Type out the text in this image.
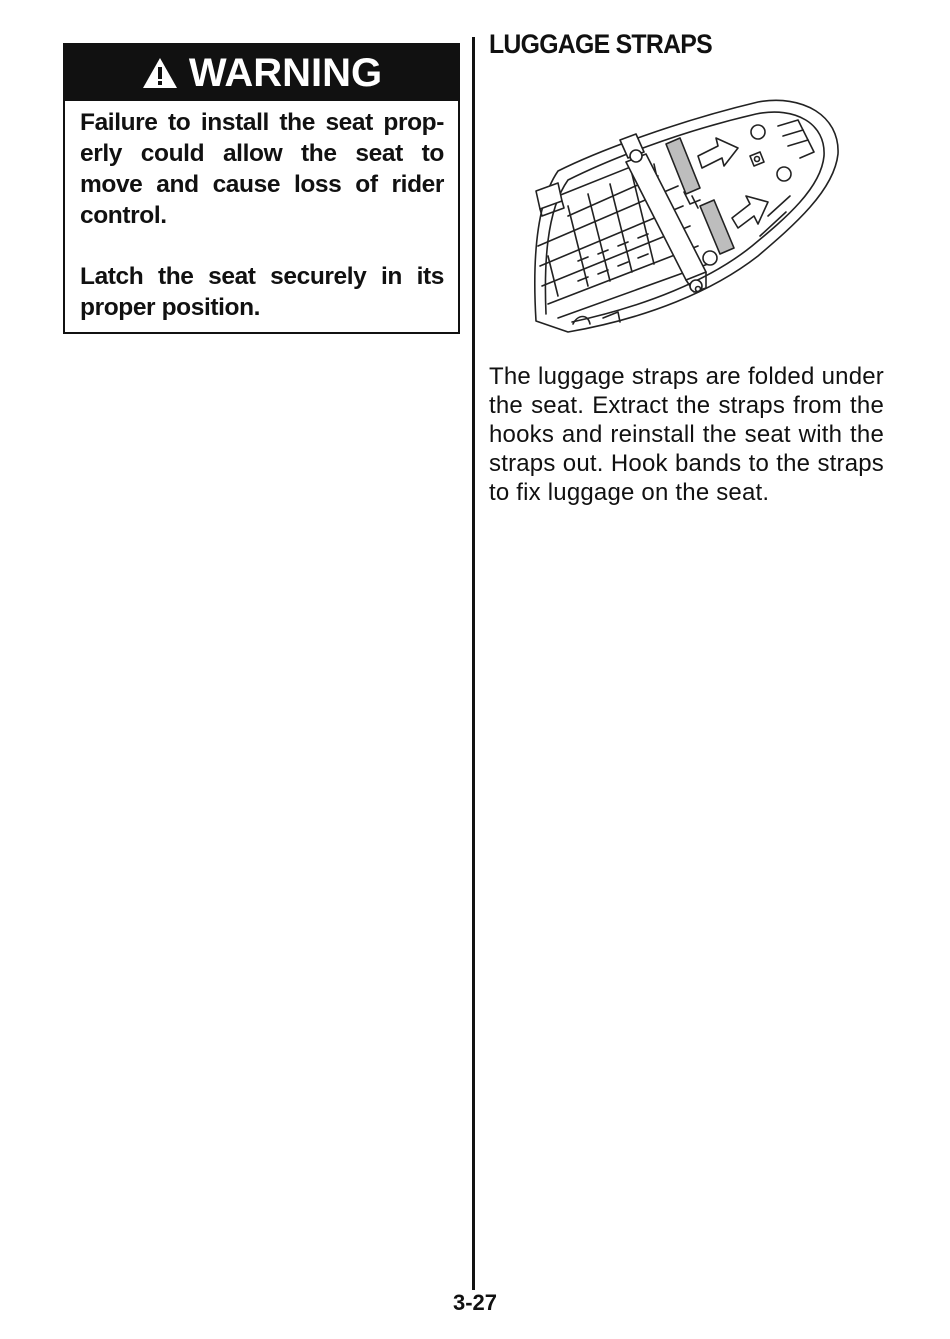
WARNING

Failure to install the seat prop-erly could allow the seat to move and cause loss of rider control.

Latch the seat securely in its proper position.

LUGGAGE STRAPS

The luggage straps are folded under the seat. Extract the straps from the hooks and reinstall the seat with the straps out. Hook bands to the straps to fix luggage on the seat.

3-27
